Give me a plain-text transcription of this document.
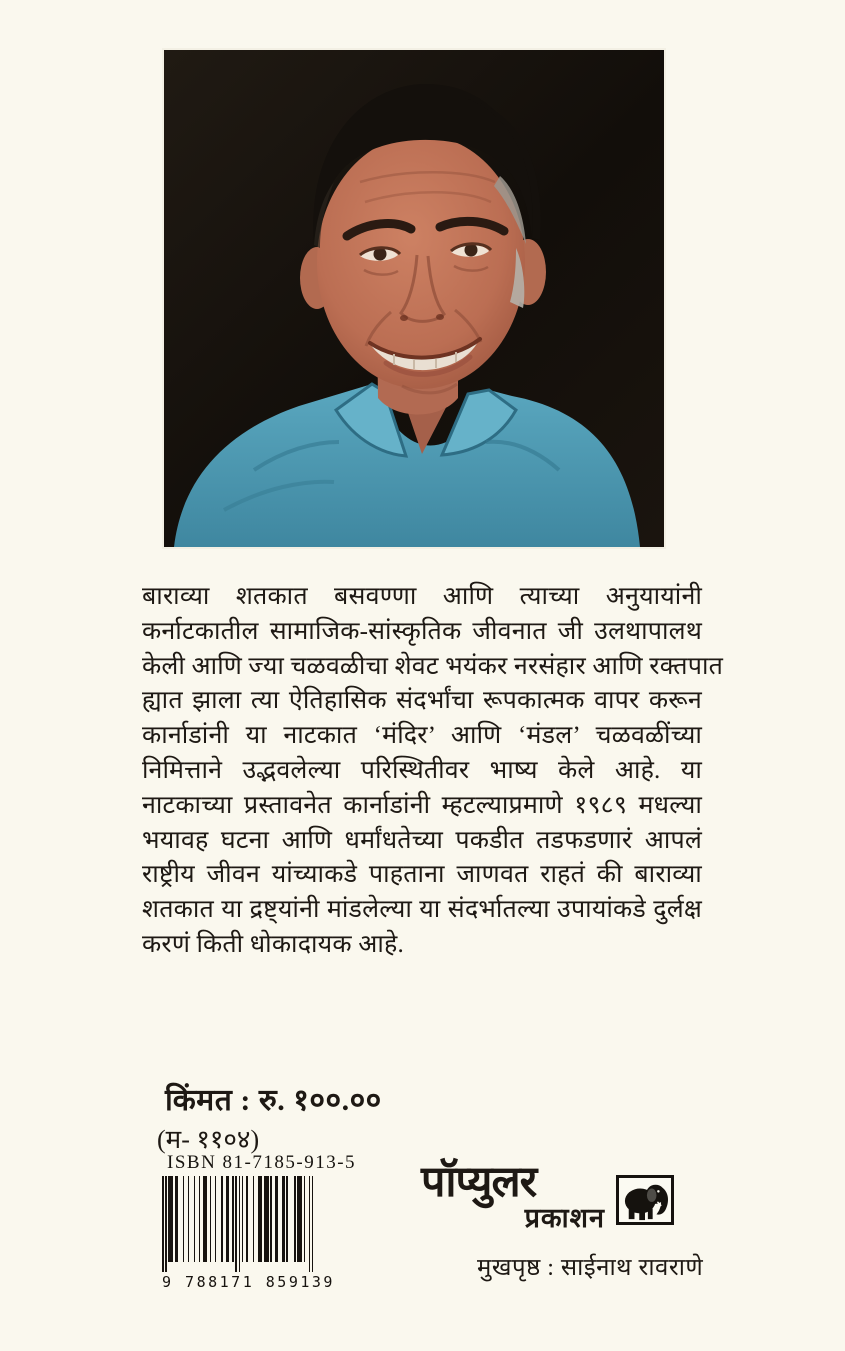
बाराव्या शतकात बसवण्णा आणि त्याच्या अनुयायांनी
कर्नाटकातील सामाजिक-सांस्कृतिक जीवनात जी उलथापालथ
केली आणि ज्या चळवळीचा शेवट भयंकर नरसंहार आणि रक्तपात
ह्यात झाला त्या ऐतिहासिक संदर्भांचा रूपकात्मक वापर करून
कार्नाडांनी या नाटकात ‘मंदिर’ आणि ‘मंडल’ चळवळींच्या
निमित्ताने उद्भवलेल्या परिस्थितीवर भाष्य केले आहे. या
नाटकाच्या प्रस्तावनेत कार्नाडांनी म्हटल्याप्रमाणे १९८९ मधल्या
भयावह घटना आणि धर्मांधतेच्या पकडीत तडफडणारं आपलं
राष्ट्रीय जीवन यांच्याकडे पाहताना जाणवत राहतं की बाराव्या
शतकात या द्रष्ट्यांनी मांडलेल्या या संदर्भातल्या उपायांकडे दुर्लक्ष
करणं किती धोकादायक आहे.
किंमत : रु. १००.००
(म- ११०४)
ISBN 81-7185-913-5
9 788171 859139
पॉप्युलर
प्रकाशन
मुखपृष्ठ : साईनाथ रावराणे
